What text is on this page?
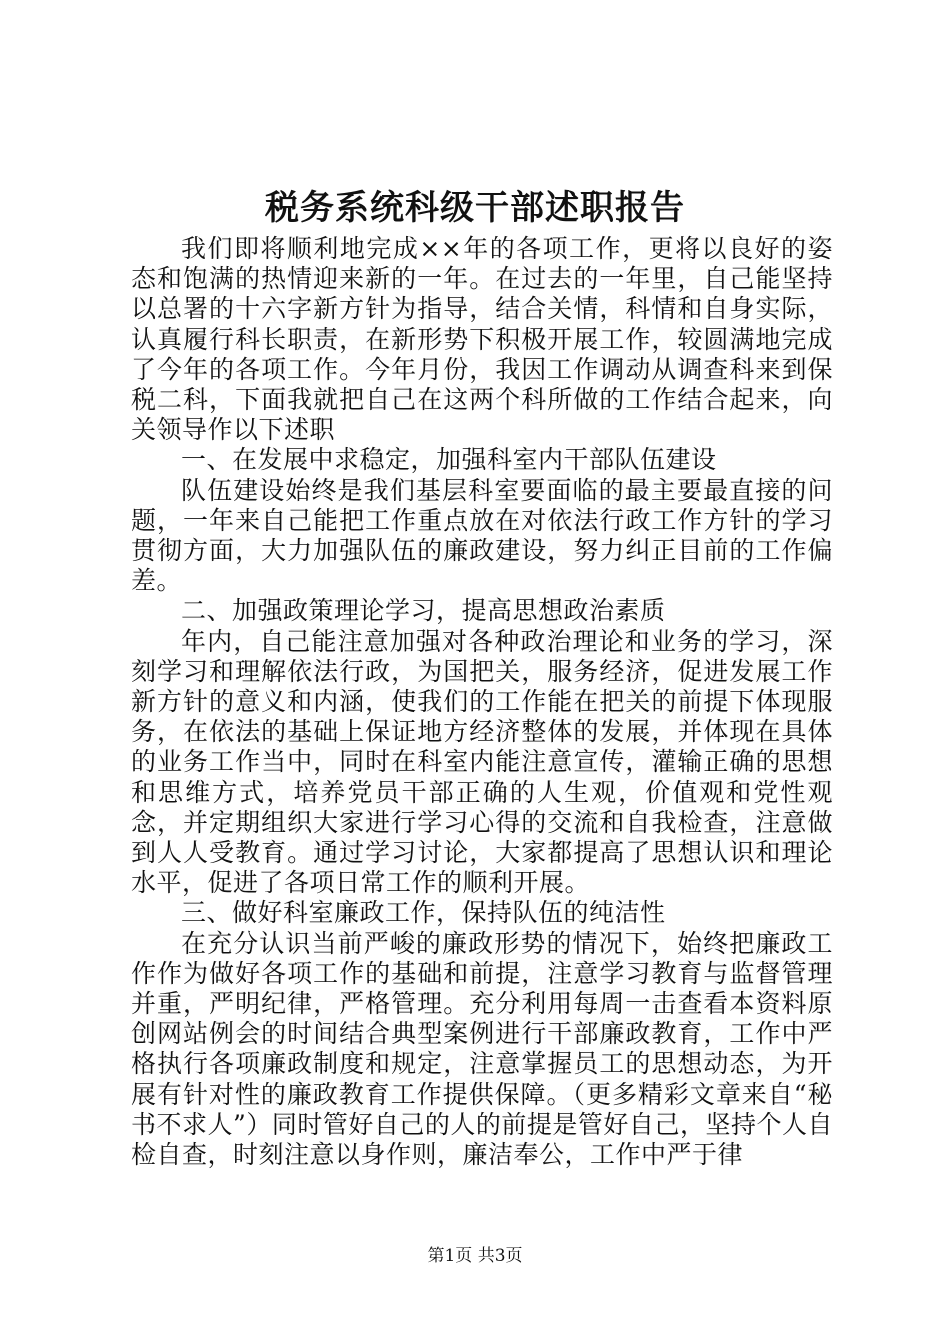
税务系统科级干部述职报告

我们即将顺利地完成××年的各项工作，更将以良好的姿态和饱满的热情迎来新的一年。在过去的一年里，自己能坚持以总署的十六字新方针为指导，结合关情，科情和自身实际，认真履行科长职责，在新形势下积极开展工作，较圆满地完成了今年的各项工作。今年月份，我因工作调动从调查科来到保税二科，下面我就把自己在这两个科所做的工作结合起来，向关领导作以下述职

一、在发展中求稳定，加强科室内干部队伍建设

队伍建设始终是我们基层科室要面临的最主要最直接的问题，一年来自己能把工作重点放在对依法行政工作方针的学习贯彻方面，大力加强队伍的廉政建设，努力纠正目前的工作偏差。

二、加强政策理论学习，提高思想政治素质

年内，自己能注意加强对各种政治理论和业务的学习，深刻学习和理解依法行政，为国把关，服务经济，促进发展工作新方针的意义和内涵，使我们的工作能在把关的前提下体现服务，在依法的基础上保证地方经济整体的发展，并体现在具体的业务工作当中，同时在科室内能注意宣传，灌输正确的思想和思维方式，培养党员干部正确的人生观，价值观和党性观念，并定期组织大家进行学习心得的交流和自我检查，注意做到人人受教育。通过学习讨论，大家都提高了思想认识和理论水平，促进了各项日常工作的顺利开展。

三、做好科室廉政工作，保持队伍的纯洁性

在充分认识当前严峻的廉政形势的情况下，始终把廉政工作作为做好各项工作的基础和前提，注意学习教育与监督管理并重，严明纪律，严格管理。充分利用每周一击查看本资料原创网站例会的时间结合典型案例进行干部廉政教育，工作中严格执行各项廉政制度和规定，注意掌握员工的思想动态，为开展有针对性的廉政教育工作提供保障。（更多精彩文章来自“秘书不求人”）同时管好自己的人的前提是管好自己，坚持个人自检自查，时刻注意以身作则，廉洁奉公，工作中严于律

第1页 共3页
